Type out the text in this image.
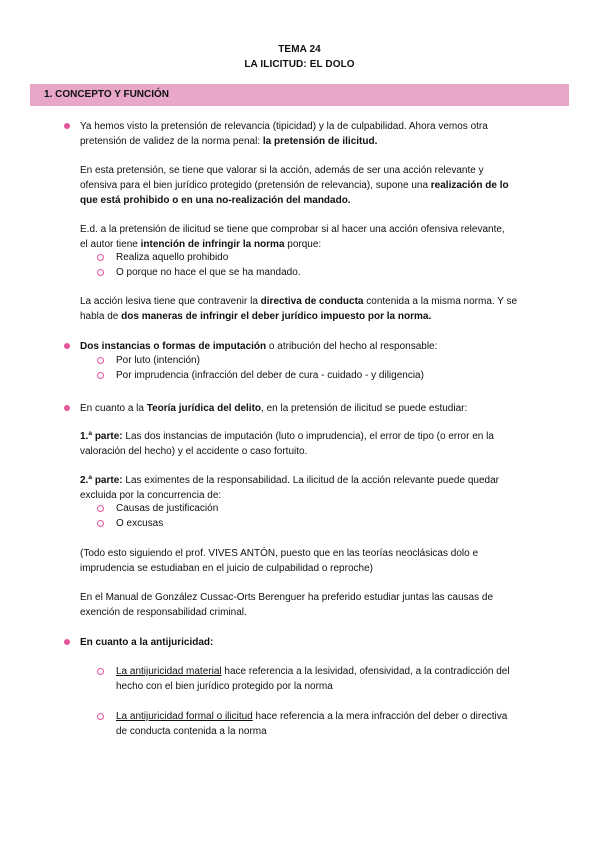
TEMA 24
LA ILICITUD: EL DOLO
1. CONCEPTO Y FUNCIÓN
Ya hemos visto la pretensión de relevancia (tipicidad) y la de culpabilidad. Ahora vemos otra
pretensión de validez de la norma penal: la pretensión de ilicitud.
En esta pretensión, se tiene que valorar si la acción, además de ser una acción relevante y
ofensiva para el bien jurídico protegido (pretensión de relevancia), supone una realización de lo
que está prohibido o en una no-realización del mandado.
E.d. a la pretensión de ilicitud se tiene que comprobar si al hacer una acción ofensiva relevante,
el autor tiene intención de infringir la norma porque:
Realiza aquello prohibido
O porque no hace el que se ha mandado.
La acción lesiva tiene que contravenir la directiva de conducta contenida a la misma norma. Y se
habla de dos maneras de infringir el deber jurídico impuesto por la norma.
Dos instancias o formas de imputación o atribución del hecho al responsable:
Por luto (intención)
Por imprudencia (infracción del deber de cura - cuidado - y diligencia)
En cuanto a la Teoría jurídica del delito, en la pretensión de ilicitud se puede estudiar:
1.ª parte: Las dos instancias de imputación (luto o imprudencia), el error de tipo (o error en la
valoración del hecho) y el accidente o caso fortuito.
2.ª parte: Las eximentes de la responsabilidad. La ilicitud de la acción relevante puede quedar
excluida por la concurrencia de:
Causas de justificación
O excusas
(Todo esto siguiendo el prof. VIVES ANTÓN, puesto que en las teorías neoclásicas dolo e
imprudencia se estudiaban en el juicio de culpabilidad o reproche)
En el Manual de González Cussac-Orts Berenguer ha preferido estudiar juntas las causas de
exención de responsabilidad criminal.
En cuanto a la antijuricidad:
La antijuricidad material hace referencia a la lesividad, ofensividad, a la contradicción del
hecho con el bien jurídico protegido por la norma
La antijuricidad formal o ilicitud hace referencia a la mera infracción del deber o directiva
de conducta contenida a la norma
